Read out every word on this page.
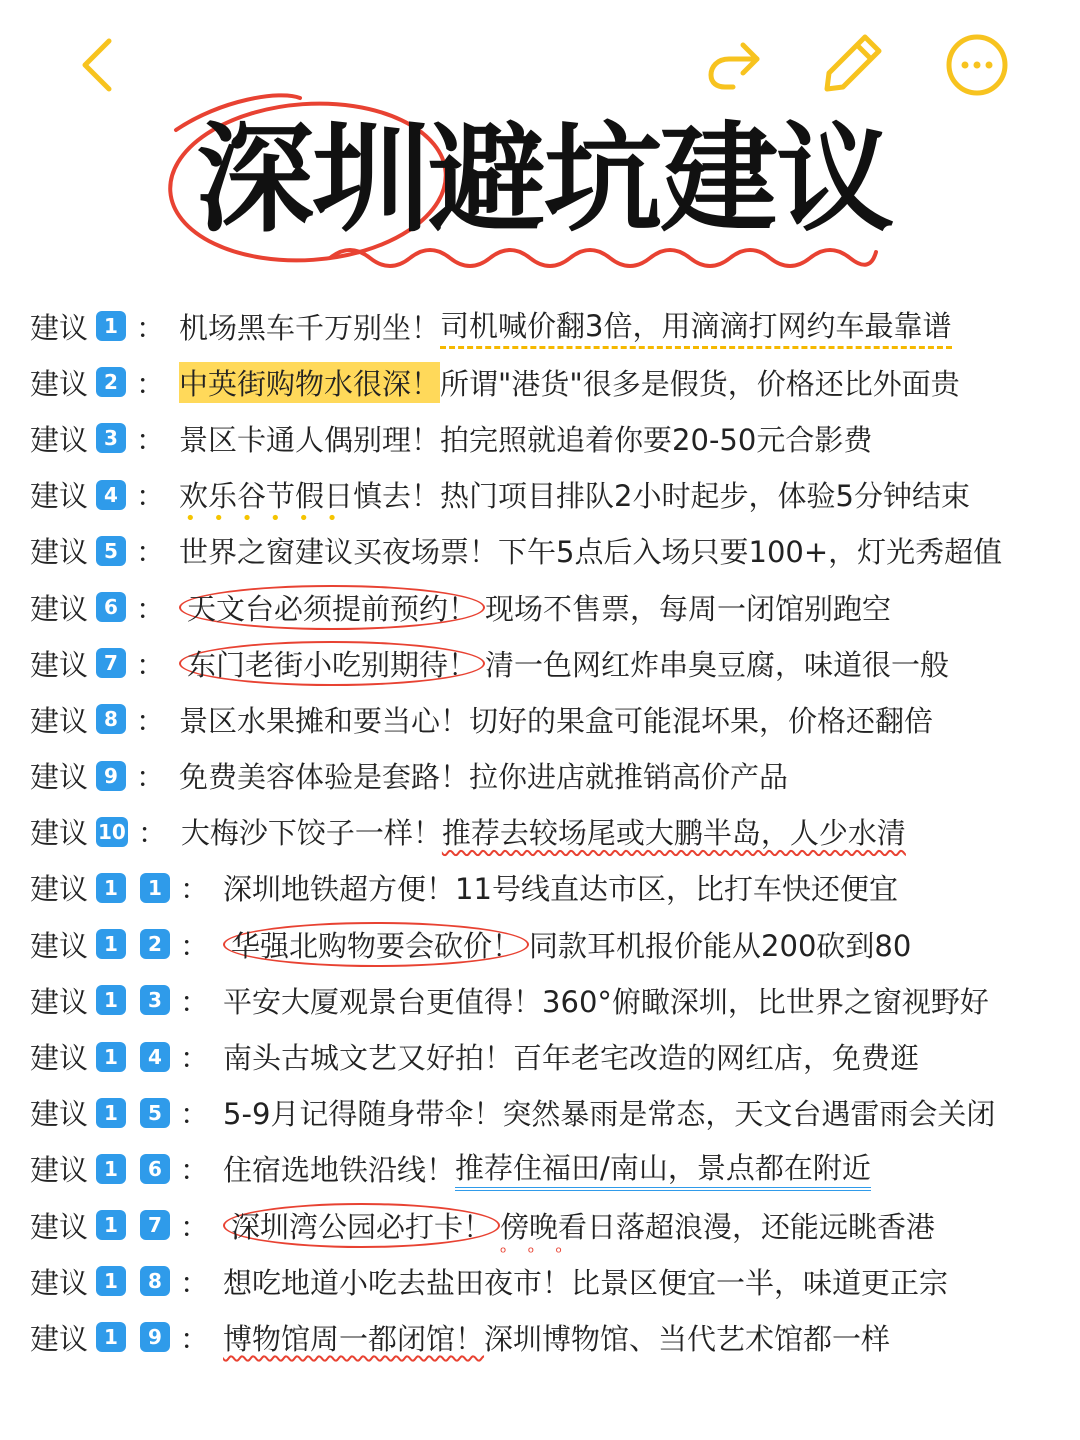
深圳避坑建议
建议 1 ： 机场黑车千万别坐！ 司机喊价翻3倍，用滴滴打网约车最靠谱
建议 2 ： 中英街购物水很深！ 所谓"港货"很多是假货，价格还比外面贵
建议 3 ： 景区卡通人偶别理！ 拍完照就追着你要20-50元合影费
建议 4 ： 欢乐谷节假日慎去！ 热门项目排队2小时起步，体验5分钟结束
建议 5 ：
• • • 世界之窗建议买夜场票！ 下午5点后入场只要100+，灯光秀超值
建议 6 ： 天文台必须提前预约！ 现场不售票，每周一闭馆别跑空
建议 7 ： 东门老街小吃别期待！ 清一色网红炸串臭豆腐，味道很一般
建议 8 ： 景区水果摊和要当心！ 切好的果盒可能混坏果，价格还翻倍
建议 9 ： 免费美容体验是套路！ 拉你进店就推销高价产品
建议 10 ： 大梅沙下饺子一样！ 推荐去较场尾或大鹏半岛，人少水清
建议 1	1 ： 深圳地铁超方便！ 11号线直达市区，比打车快还便宜
建议 1	2 ： 华强北购物要会砍价！ 同款耳机报价能从200砍到80
建议 1	3 ： 平安大厦观景台更值得！ 360°俯瞰深圳，比世界之窗视野好
建议 1	4 ： 南头古城文艺又好拍！ 百年老宅改造的网红店，免费逛
建议 1	5 ： 5-9月记得随身带伞！ 突然暴雨是常态，天文台遇雷雨会关闭
建议 1	6 ： 住宿选地铁沿线！ 推荐住福田/南山，景点都在附近
建议 1	7 ： 深圳湾公园必打卡！ 傍晚看日落超浪漫，还能远眺香港 ᵒ ᵒ ᵒ
建议 1	8 ： 想吃地道小吃去盐田夜市！ 比景区便宜一半，味道更正宗
建议 1	9 ： 博物馆周一都闭馆！ 深圳博物馆、当代艺术馆都一样
